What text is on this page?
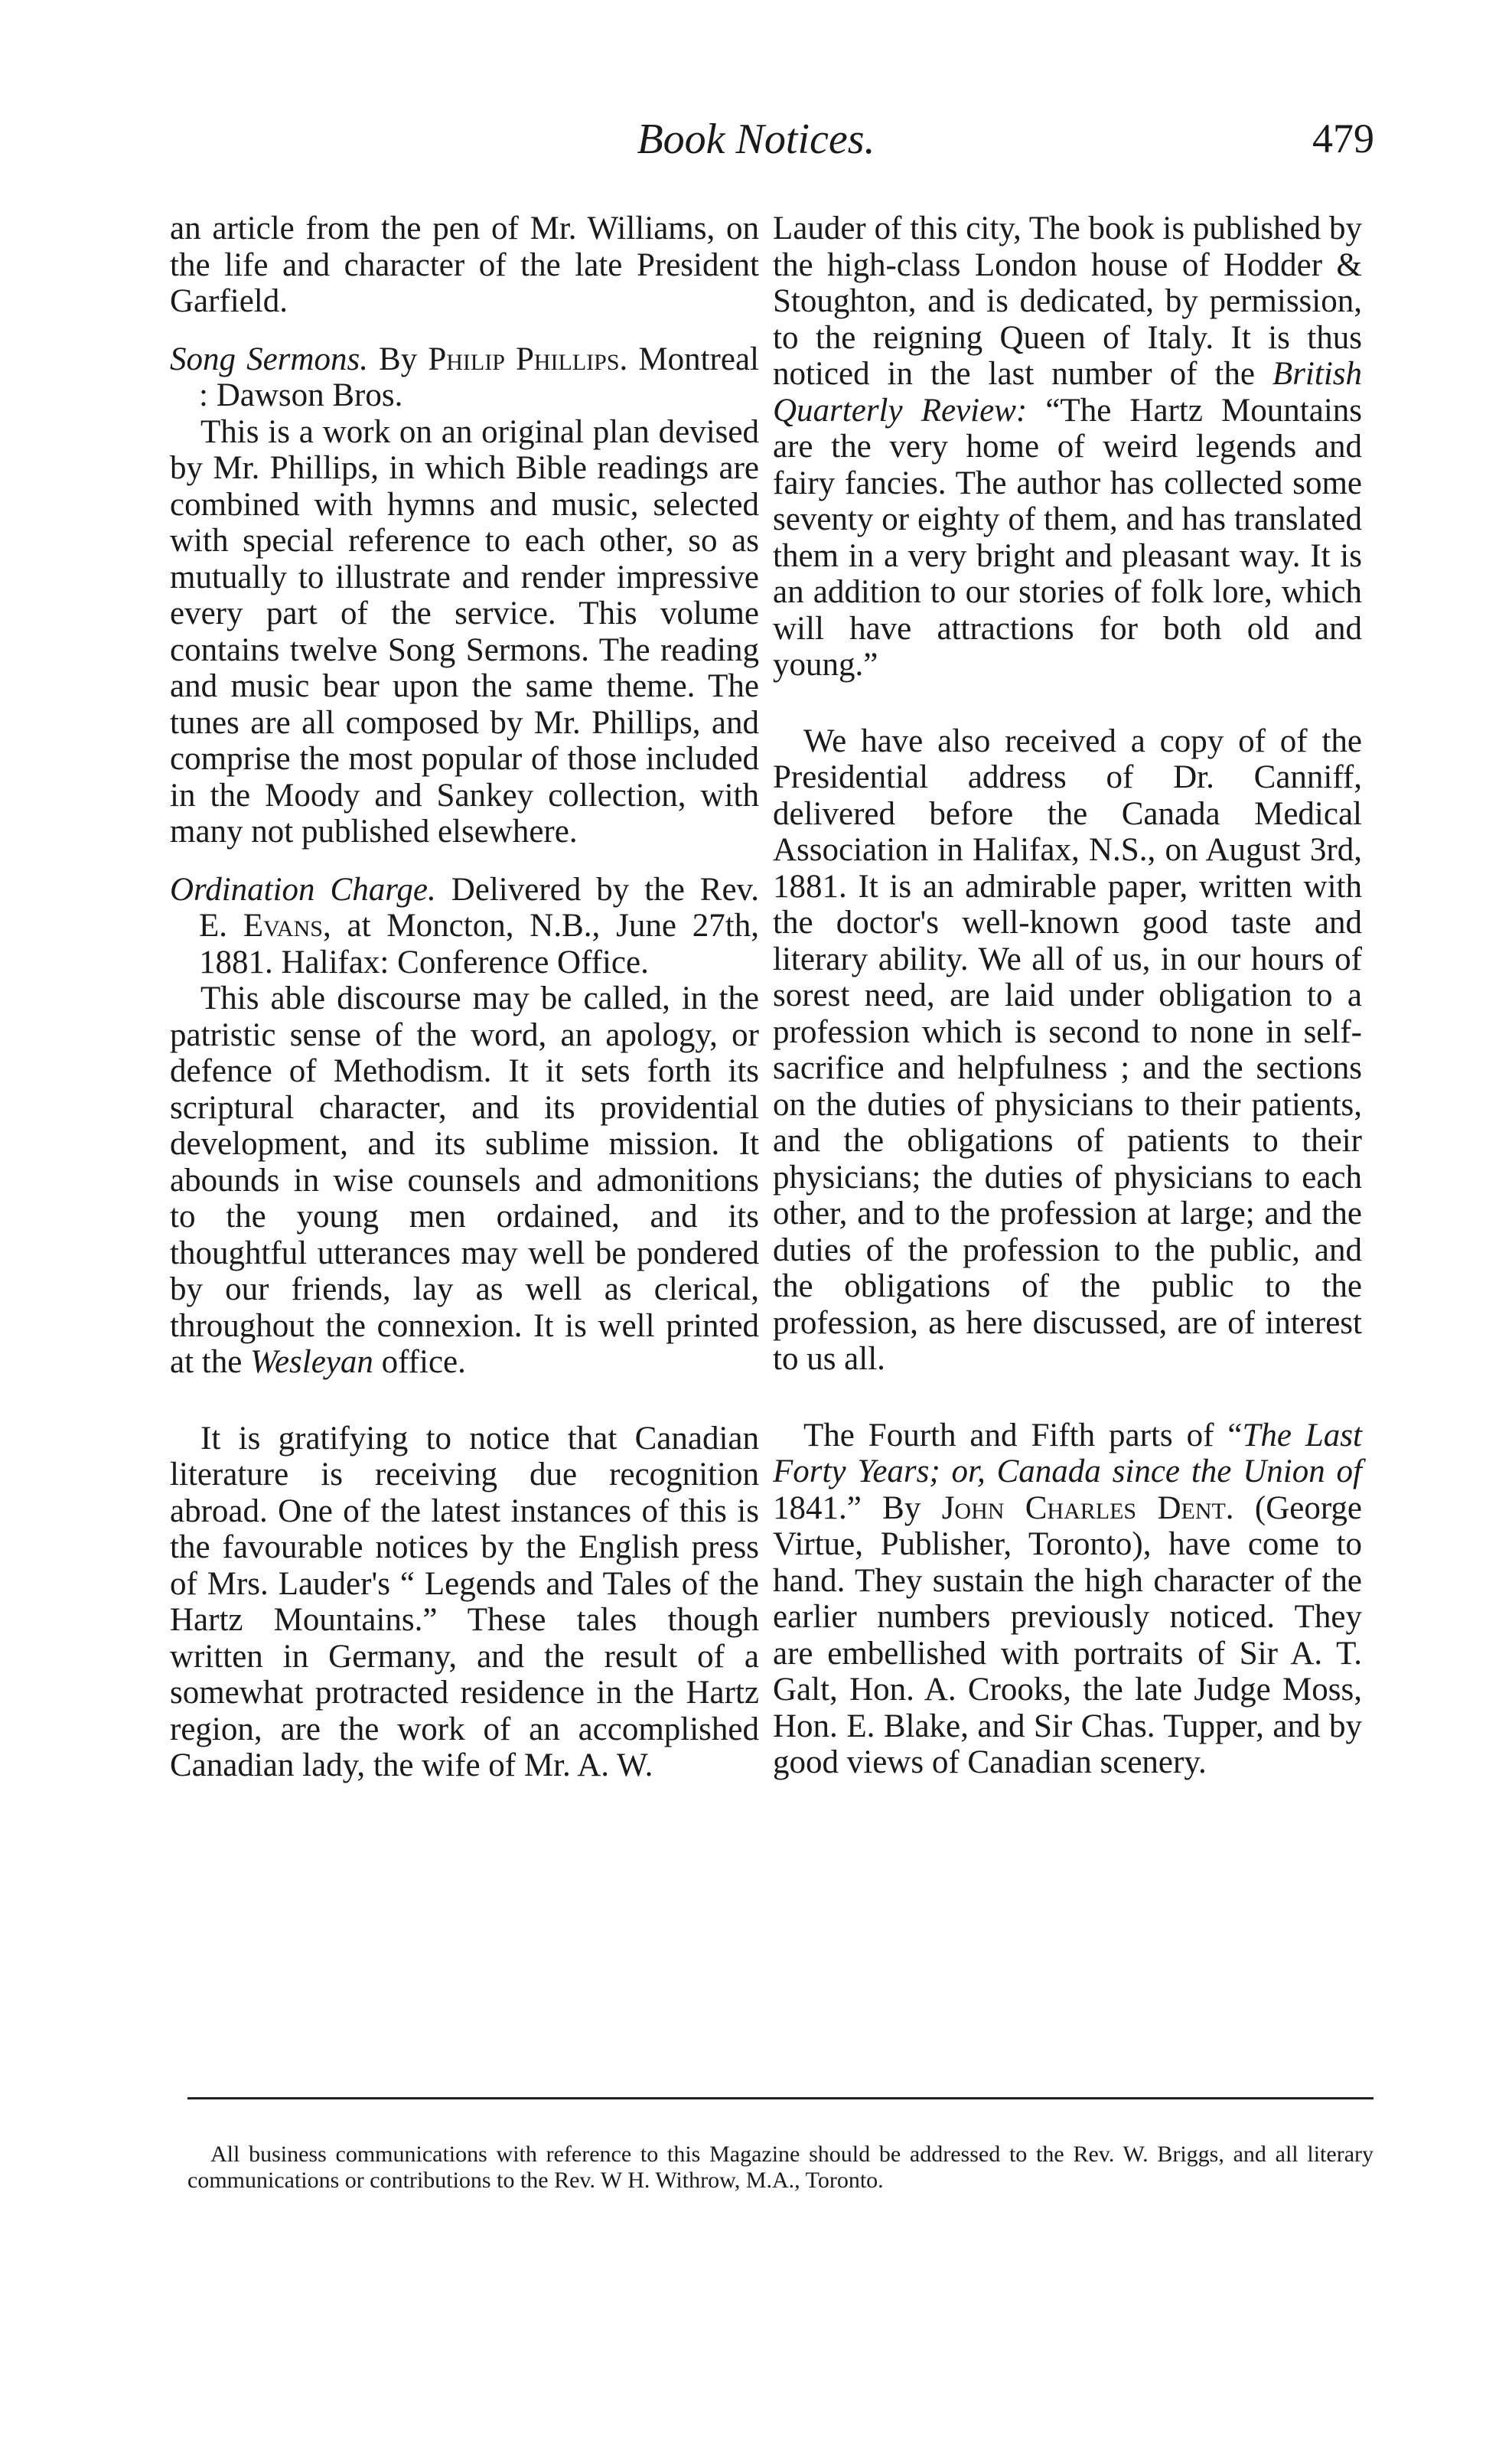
Book Notices.	479

an article from the pen of Mr. Williams, on the life and character of the late President Garfield.

Song Sermons. By Philip Phillips. Montreal : Dawson Bros.

This is a work on an original plan devised by Mr. Phillips, in which Bible readings are combined with hymns and music, selected with special reference to each other, so as mutually to illustrate and render impressive every part of the service. This volume contains twelve Song Sermons. The reading and music bear upon the same theme. The tunes are all composed by Mr. Phillips, and comprise the most popular of those included in the Moody and Sankey collection, with many not published elsewhere.

Ordination Charge. Delivered by the Rev. E. Evans, at Moncton, N.B., June 27th, 1881. Halifax: Conference Office.

This able discourse may be called, in the patristic sense of the word, an apology, or defence of Methodism. It it sets forth its scriptural character, and its providential development, and its sublime mission. It abounds in wise counsels and admonitions to the young men ordained, and its thoughtful utterances may well be pondered by our friends, lay as well as clerical, throughout the connexion. It is well printed at the Wesleyan office.

It is gratifying to notice that Canadian literature is receiving due recognition abroad. One of the latest instances of this is the favourable notices by the English press of Mrs. Lauder's “ Legends and Tales of the Hartz Mountains.” These tales though written in Germany, and the result of a somewhat protracted residence in the Hartz region, are the work of an accomplished Canadian lady, the wife of Mr. A. W.

Lauder of this city, The book is published by the high-class London house of Hodder & Stoughton, and is dedicated, by permission, to the reigning Queen of Italy. It is thus noticed in the last number of the British Quarterly Review: “The Hartz Mountains are the very home of weird legends and fairy fancies. The author has collected some seventy or eighty of them, and has translated them in a very bright and pleasant way. It is an addition to our stories of folk lore, which will have attractions for both old and young.”

We have also received a copy of of the Presidential address of Dr. Canniff, delivered before the Canada Medical Association in Halifax, N.S., on August 3rd, 1881. It is an admirable paper, written with the doctor's well-known good taste and literary ability. We all of us, in our hours of sorest need, are laid under obligation to a profession which is second to none in self-sacrifice and helpfulness ; and the sections on the duties of physicians to their patients, and the obligations of patients to their physicians; the duties of physicians to each other, and to the profession at large; and the duties of the profession to the public, and the obligations of the public to the profession, as here discussed, are of interest to us all.

The Fourth and Fifth parts of “The Last Forty Years; or, Canada since the Union of 1841.” By John Charles Dent. (George Virtue, Publisher, Toronto), have come to hand. They sustain the high character of the earlier numbers previously noticed. They are embellished with portraits of Sir A. T. Galt, Hon. A. Crooks, the late Judge Moss, Hon. E. Blake, and Sir Chas. Tupper, and by good views of Canadian scenery.

All business communications with reference to this Magazine should be addressed to the Rev. W. Briggs, and all literary communications or contributions to the Rev. W H. Withrow, M.A., Toronto.
